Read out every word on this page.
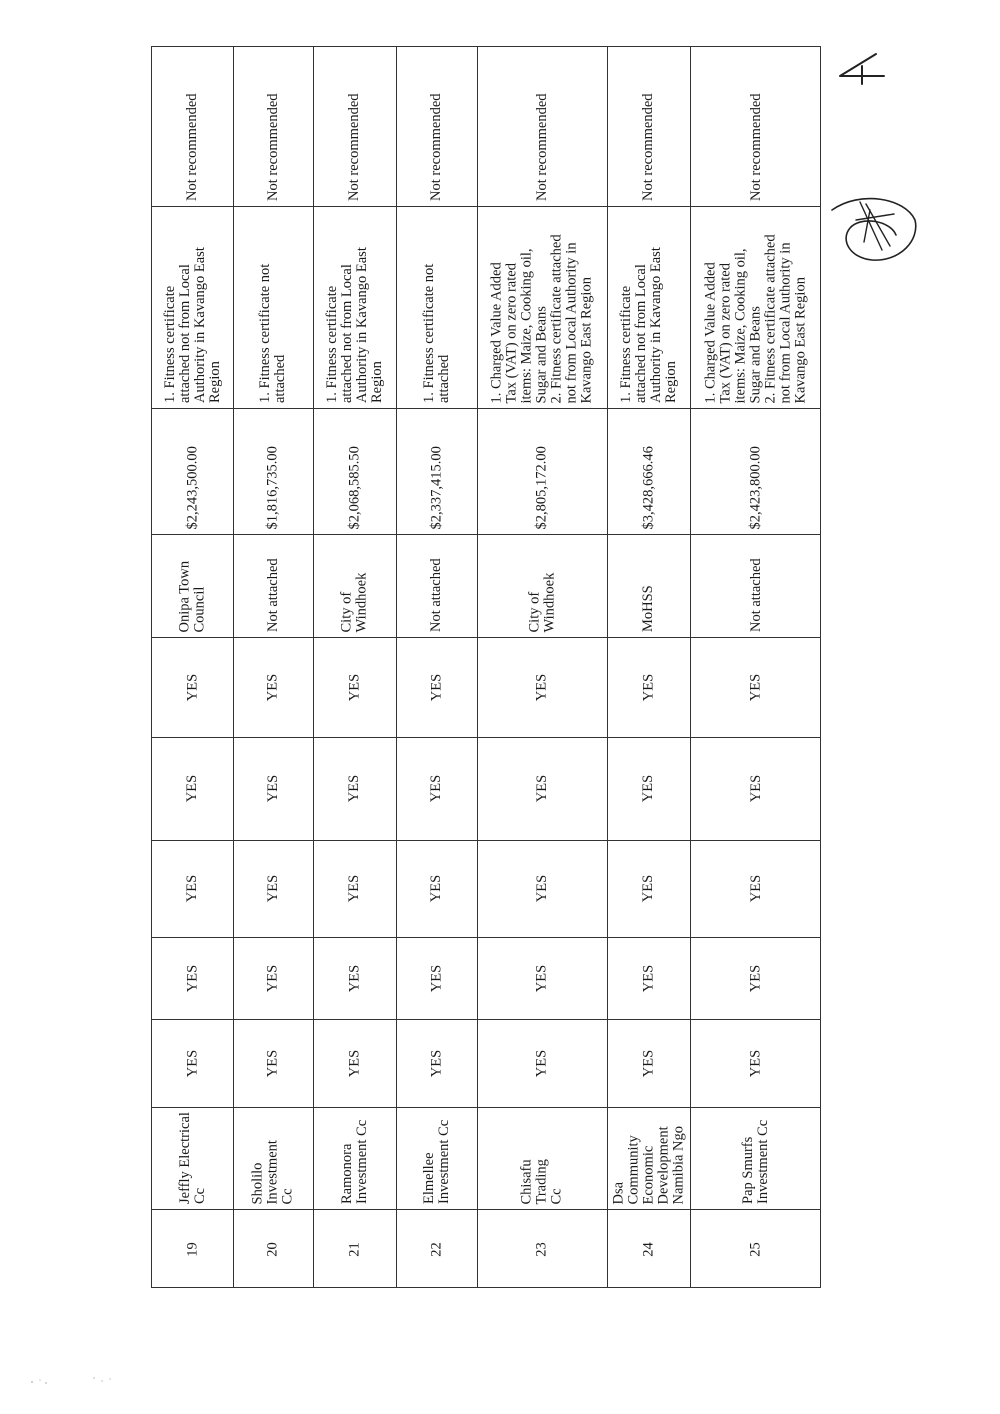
Not recommended
1. Fitness certificate
attached not from Local
Authority in Kavango East
Region
$2,243,500.00
Onipa Town
Council
YES
YES
YES
YES
YES
Jeffly Electrical Cc
19
Not recommended
1. Fitness certificate not
attached
$1,816,735.00
Not attached
YES
YES
YES
YES
YES
Sholilo Investment
Cc
20
Not recommended
1. Fitness certificate
attached not from Local
Authority in Kavango East
Region
$2,068,585.50
City of
Windhoek
YES
YES
YES
YES
YES
Ramonora
Investment Cc
21
Not recommended
1. Fitness certificate not
attached
$2,337,415.00
Not attached
YES
YES
YES
YES
YES
Elmellee
Investment Cc
22
Not recommended
1. Charged Value Added
Tax (VAT) on zero rated
items: Maize, Cooking oil,
Sugar and Beans
2. Fitness certificate attached
not from Local Authority in
Kavango East Region
$2,805,172.00
City of
Windhoek
YES
YES
YES
YES
YES
Chisafu Trading
Cc
23
Not recommended
1. Fitness certificate
attached not from Local
Authority in Kavango East
Region
$3,428,666.46
MoHSS
YES
YES
YES
YES
YES
Dsa Community
Economic
Development
Namibia Ngo
24
Not recommended
1. Charged Value Added
Tax (VAT) on zero rated
items: Maize, Cooking oil,
Sugar and Beans
2. Fitness certificate attached
not from Local Authority in
Kavango East Region
$2,423,800.00
Not attached
YES
YES
YES
YES
YES
Pap Smurfs
Investment Cc
25
